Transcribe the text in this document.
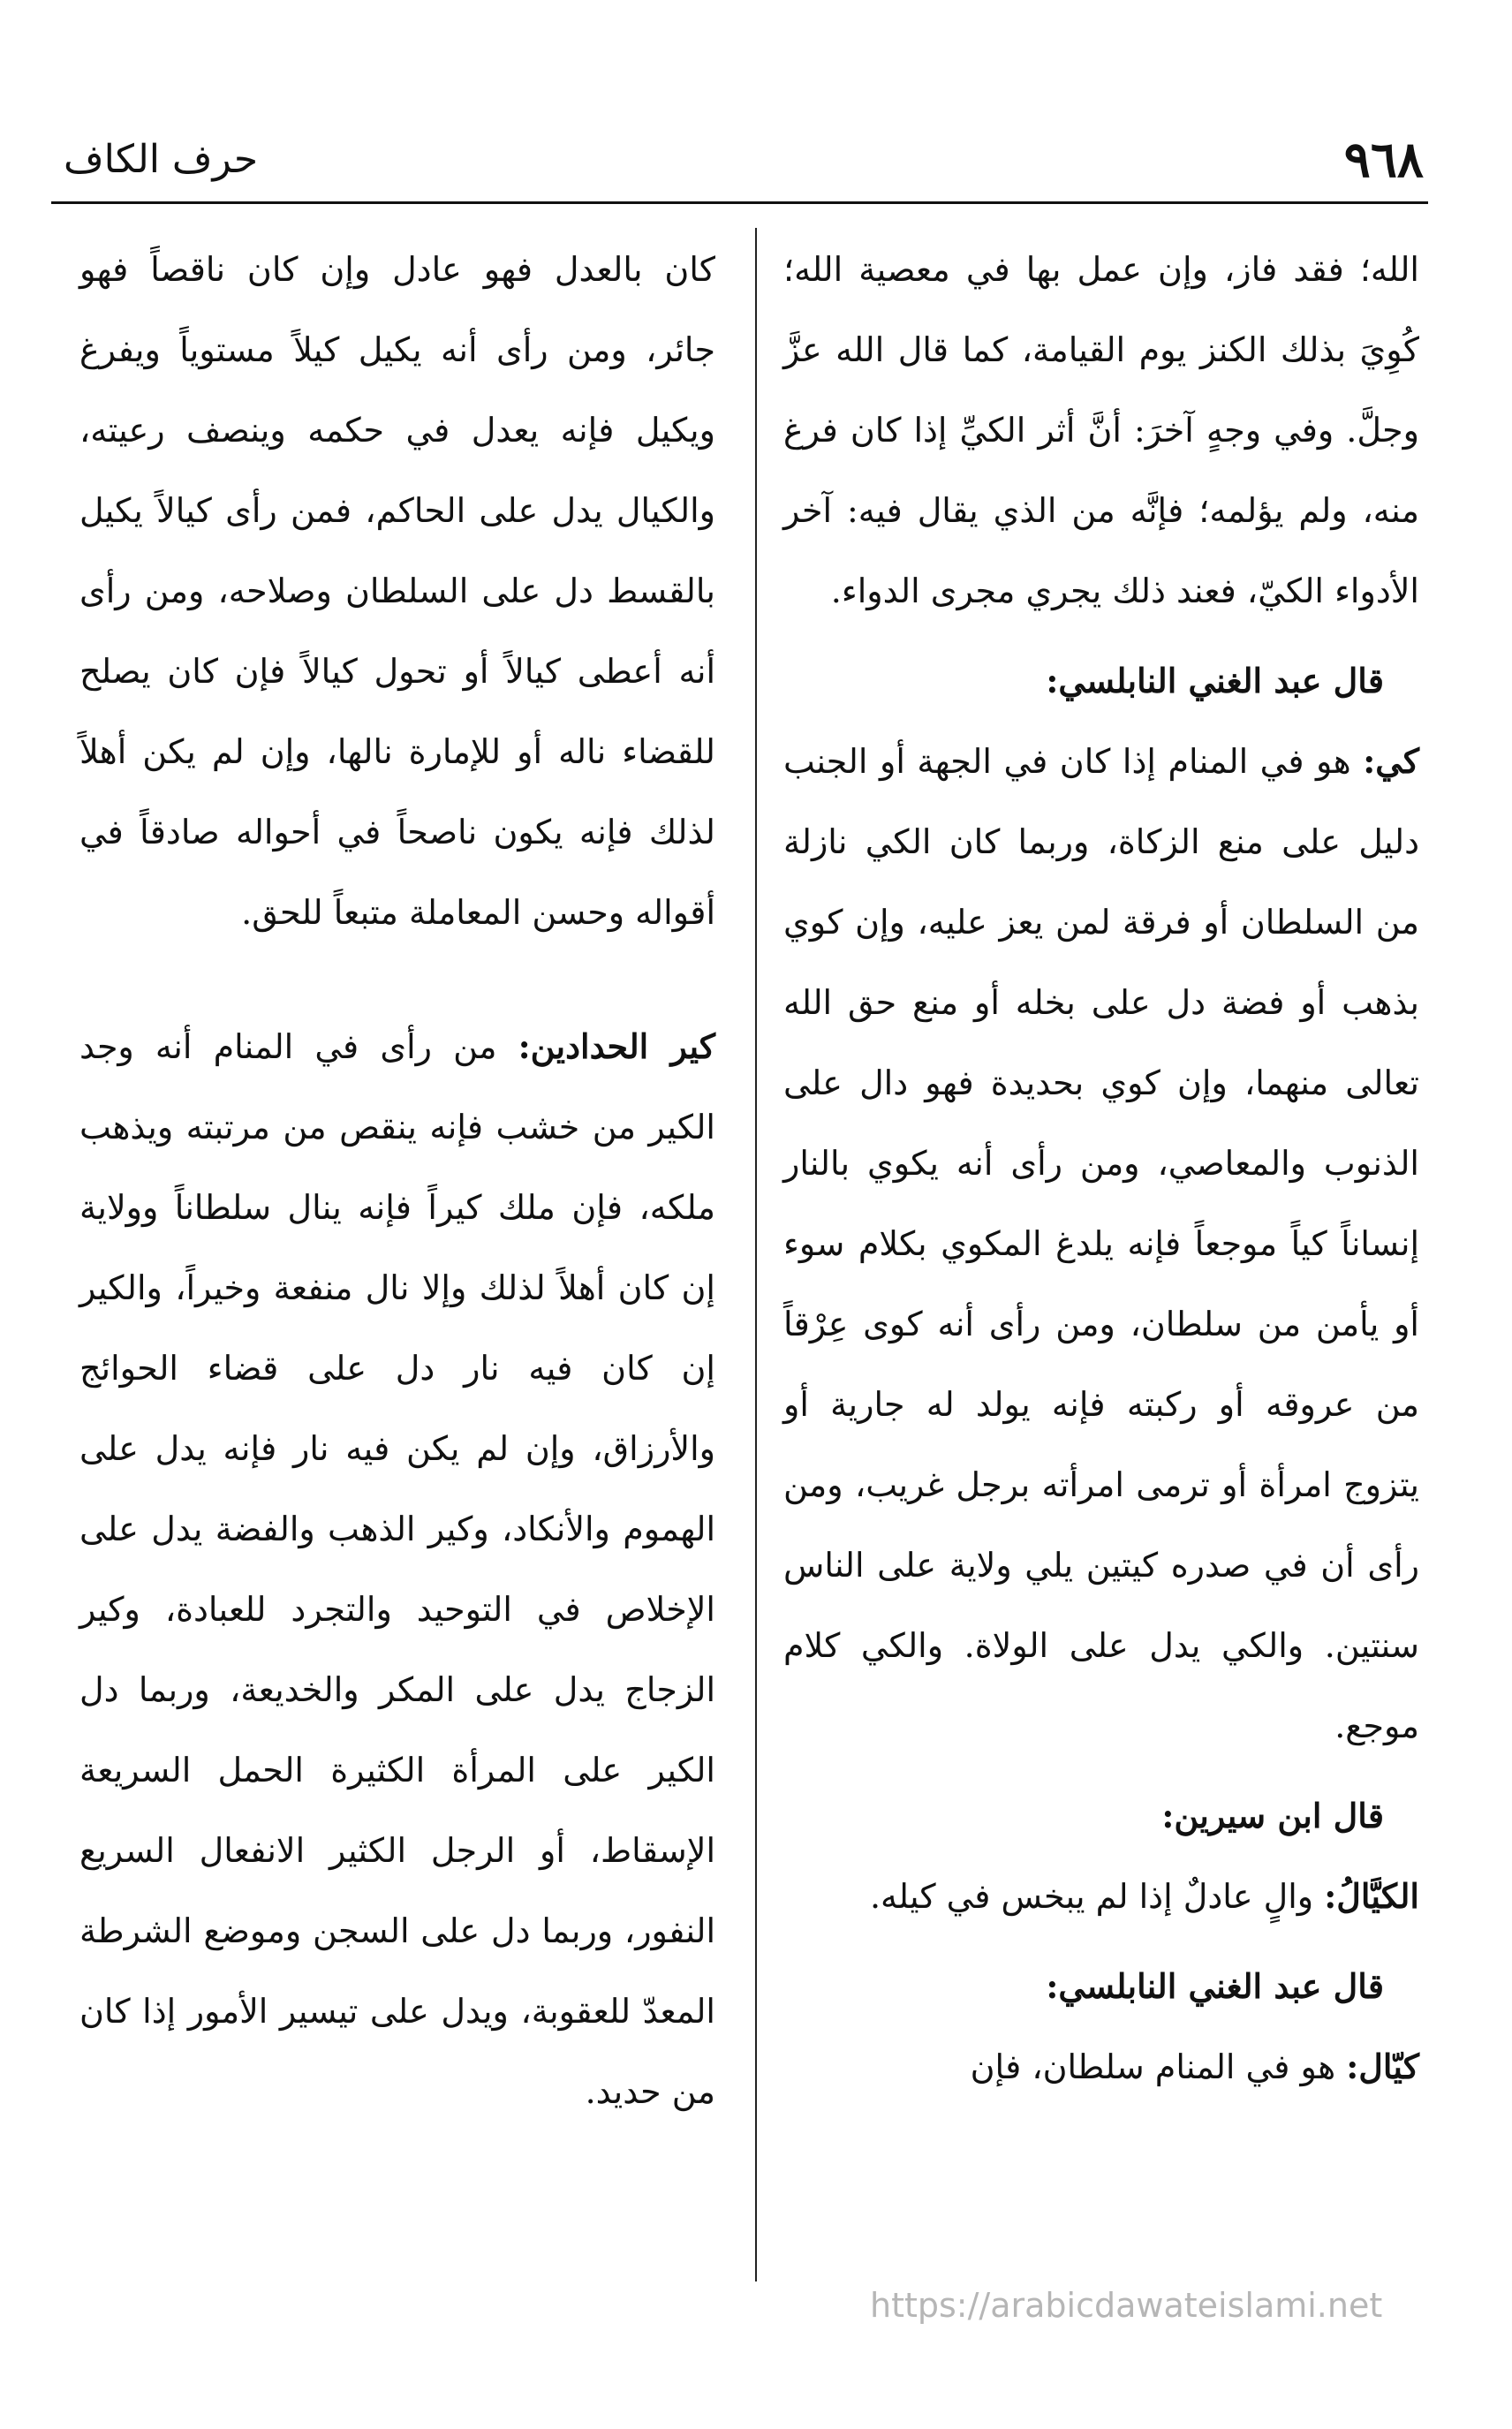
٩٦٨
حرف الكاف

الله؛ فقد فاز، وإن عمل بها في معصية الله؛ كُوِيَ بذلك الكنز يوم القيامة، كما قال الله عزَّ وجلَّ. وفي وجهٍ آخرَ: أنَّ أثر الكيِّ إذا كان فرغ منه، ولم يؤلمه؛ فإنَّه من الذي يقال فيه: آخر الأدواء الكيّ، فعند ذلك يجري مجرى الدواء.

قال عبد الغني النابلسي:

كي: هو في المنام إذا كان في الجهة أو الجنب دليل على منع الزكاة، وربما كان الكي نازلة من السلطان أو فرقة لمن يعز عليه، وإن كوي بذهب أو فضة دل على بخله أو منع حق الله تعالى منهما، وإن كوي بحديدة فهو دال على الذنوب والمعاصي، ومن رأى أنه يكوي بالنار إنساناً كياً موجعاً فإنه يلدغ المكوي بكلام سوء أو يأمن من سلطان، ومن رأى أنه كوى عِرْقاً من عروقه أو ركبته فإنه يولد له جارية أو يتزوج امرأة أو ترمى امرأته برجل غريب، ومن رأى أن في صدره كيتين يلي ولاية على الناس سنتين. والكي يدل على الولاة. والكي كلام موجع.

قال ابن سيرين:

الكيَّالُ: والٍ عادلٌ إذا لم يبخس في كيله.

قال عبد الغني النابلسي:

كيّال: هو في المنام سلطان، فإن

كان بالعدل فهو عادل وإن كان ناقصاً فهو جائر، ومن رأى أنه يكيل كيلاً مستوياً ويفرغ ويكيل فإنه يعدل في حكمه وينصف رعيته، والكيال يدل على الحاكم، فمن رأى كيالاً يكيل بالقسط دل على السلطان وصلاحه، ومن رأى أنه أعطى كيالاً أو تحول كيالاً فإن كان يصلح للقضاء ناله أو للإمارة نالها، وإن لم يكن أهلاً لذلك فإنه يكون ناصحاً في أحواله صادقاً في أقواله وحسن المعاملة متبعاً للحق.

كير الحدادين: من رأى في المنام أنه وجد الكير من خشب فإنه ينقص من مرتبته ويذهب ملكه، فإن ملك كيراً فإنه ينال سلطاناً وولاية إن كان أهلاً لذلك وإلا نال منفعة وخيراً، والكير إن كان فيه نار دل على قضاء الحوائج والأرزاق، وإن لم يكن فيه نار فإنه يدل على الهموم والأنكاد، وكير الذهب والفضة يدل على الإخلاص في التوحيد والتجرد للعبادة، وكير الزجاج يدل على المكر والخديعة، وربما دل الكير على المرأة الكثيرة الحمل السريعة الإسقاط، أو الرجل الكثير الانفعال السريع النفور، وربما دل على السجن وموضع الشرطة المعدّ للعقوبة، ويدل على تيسير الأمور إذا كان من حديد.

https://arabicdawateislami.net
